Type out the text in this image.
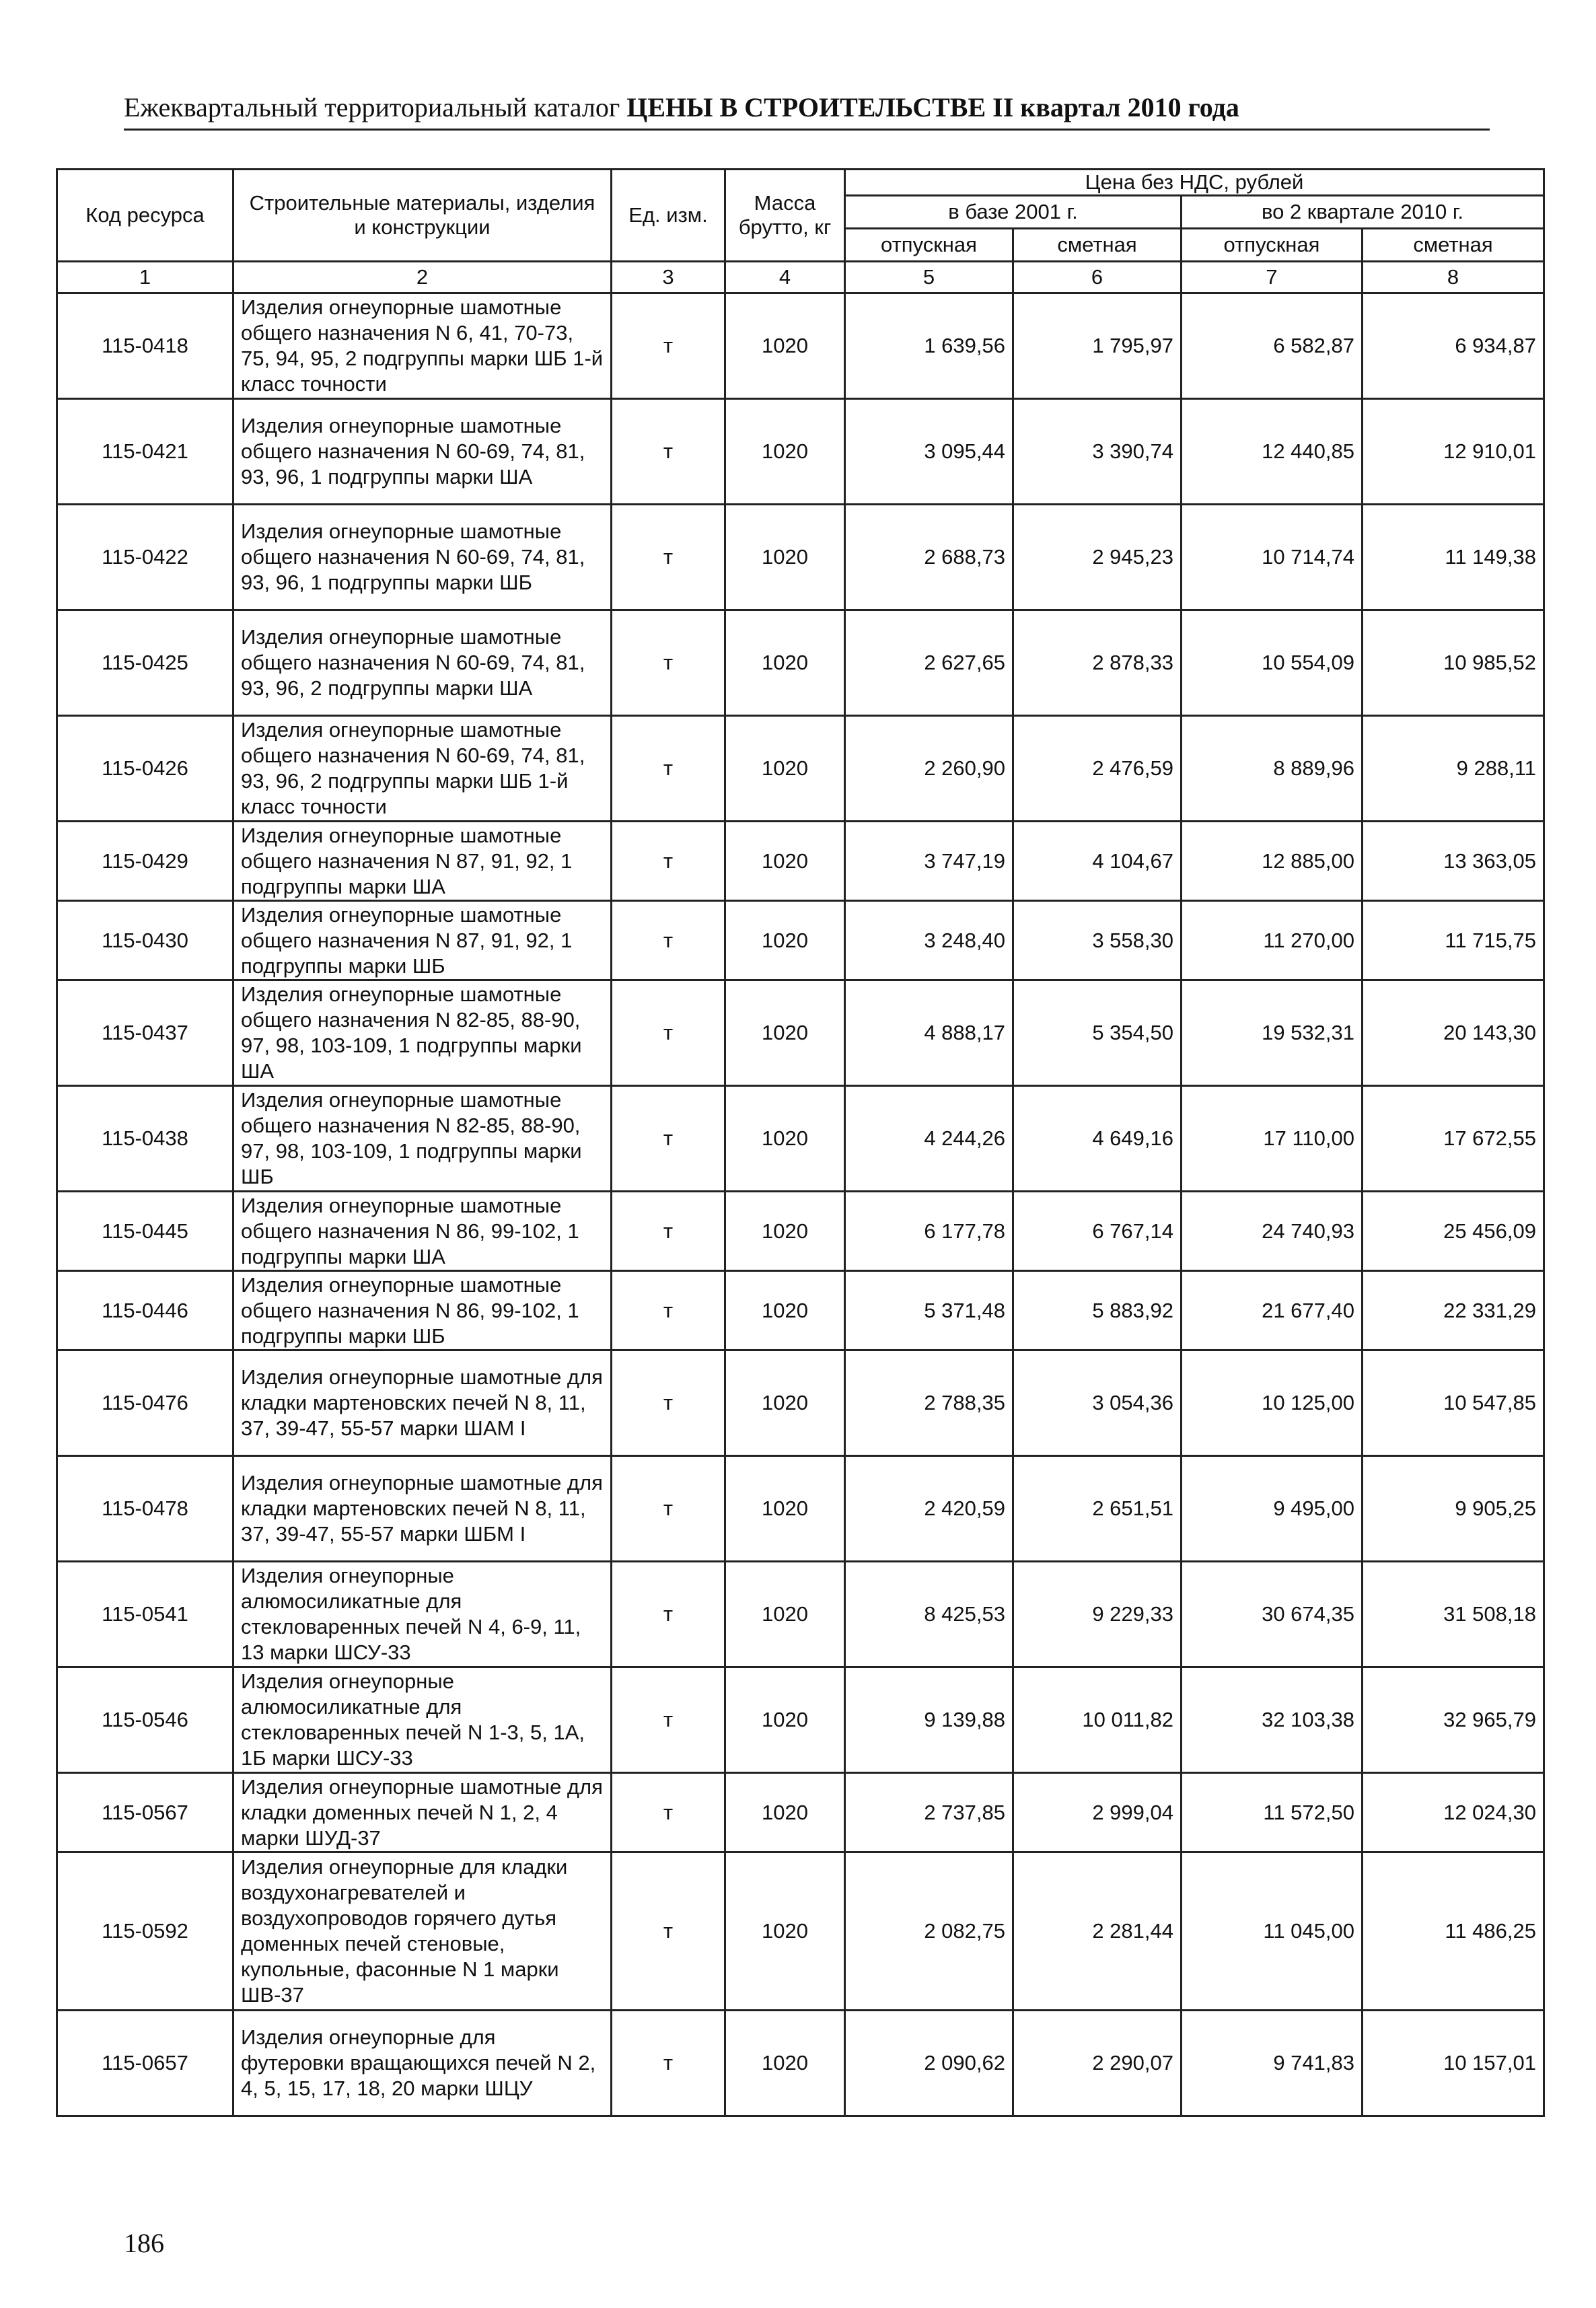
Ежеквартальный территориальный каталог ЦЕНЫ В СТРОИТЕЛЬСТВЕ II квартал 2010 года
Код ресурса	Строительные материалы, изделия и конструкции	Ед. изм.	Масса брутто, кг	Цена без НДС, рублей			
				в базе 2001 г.		во 2 квартале 2010 г.	
				отпускная	сметная	отпускная	сметная
1	2	3	4	5	6	7	8
115-0418	Изделия огнеупорные шамотные общего назначения N 6, 41, 70-73, 75, 94, 95, 2 подгруппы марки ШБ 1-й класс точности	т	1020	1 639,56	1 795,97	6 582,87	6 934,87
115-0421	Изделия огнеупорные шамотные общего назначения N 60-69, 74, 81, 93, 96, 1 подгруппы марки ША	т	1020	3 095,44	3 390,74	12 440,85	12 910,01
115-0422	Изделия огнеупорные шамотные общего назначения N 60-69, 74, 81, 93, 96, 1 подгруппы марки ШБ	т	1020	2 688,73	2 945,23	10 714,74	11 149,38
115-0425	Изделия огнеупорные шамотные общего назначения N 60-69, 74, 81, 93, 96, 2 подгруппы марки ША	т	1020	2 627,65	2 878,33	10 554,09	10 985,52
115-0426	Изделия огнеупорные шамотные общего назначения N 60-69, 74, 81, 93, 96, 2 подгруппы марки ШБ 1-й класс точности	т	1020	2 260,90	2 476,59	8 889,96	9 288,11
115-0429	Изделия огнеупорные шамотные общего назначения N 87, 91, 92, 1 подгруппы марки ША	т	1020	3 747,19	4 104,67	12 885,00	13 363,05
115-0430	Изделия огнеупорные шамотные общего назначения N 87, 91, 92, 1 подгруппы марки ШБ	т	1020	3 248,40	3 558,30	11 270,00	11 715,75
115-0437	Изделия огнеупорные шамотные общего назначения N 82-85, 88-90, 97, 98, 103-109, 1 подгруппы марки ША	т	1020	4 888,17	5 354,50	19 532,31	20 143,30
115-0438	Изделия огнеупорные шамотные общего назначения N 82-85, 88-90, 97, 98, 103-109, 1 подгруппы марки ШБ	т	1020	4 244,26	4 649,16	17 110,00	17 672,55
115-0445	Изделия огнеупорные шамотные общего назначения N 86, 99-102, 1 подгруппы марки ША	т	1020	6 177,78	6 767,14	24 740,93	25 456,09
115-0446	Изделия огнеупорные шамотные общего назначения N 86, 99-102, 1 подгруппы марки ШБ	т	1020	5 371,48	5 883,92	21 677,40	22 331,29
115-0476	Изделия огнеупорные шамотные для кладки мартеновских печей N 8, 11, 37, 39-47, 55-57 марки ШАМ I	т	1020	2 788,35	3 054,36	10 125,00	10 547,85
115-0478	Изделия огнеупорные шамотные для кладки мартеновских печей N 8, 11, 37, 39-47, 55-57 марки ШБМ I	т	1020	2 420,59	2 651,51	9 495,00	9 905,25
115-0541	Изделия огнеупорные алюмосиликатные для стекловаренных печей N 4, 6-9, 11, 13 марки ШСУ-33	т	1020	8 425,53	9 229,33	30 674,35	31 508,18
115-0546	Изделия огнеупорные алюмосиликатные для стекловаренных печей N 1-3, 5, 1А, 1Б марки ШСУ-33	т	1020	9 139,88	10 011,82	32 103,38	32 965,79
115-0567	Изделия огнеупорные шамотные для кладки доменных печей N 1, 2, 4 марки ШУД-37	т	1020	2 737,85	2 999,04	11 572,50	12 024,30
115-0592	Изделия огнеупорные для кладки воздухонагревателей и воздухопроводов горячего дутья доменных печей стеновые, купольные, фасонные N 1 марки ШВ-37	т	1020	2 082,75	2 281,44	11 045,00	11 486,25
115-0657	Изделия огнеупорные для футеровки вращающихся печей N 2, 4, 5, 15, 17, 18, 20 марки ШЦУ	т	1020	2 090,62	2 290,07	9 741,83	10 157,01
186
